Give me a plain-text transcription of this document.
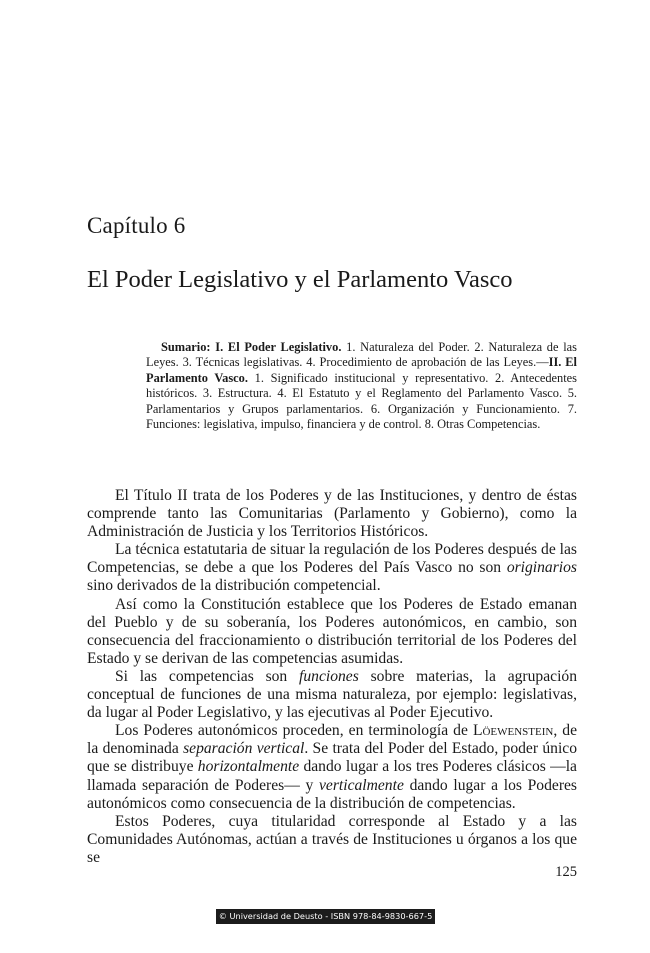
Capítulo 6
El Poder Legislativo y el Parlamento Vasco
Sumario: I. El Poder Legislativo. 1. Naturaleza del Poder. 2. Naturaleza de las Leyes. 3. Técnicas legislativas. 4. Procedimiento de aprobación de las Leyes.—II. El Parlamento Vasco. 1. Significado institucional y representativo. 2. Antecedentes históricos. 3. Estructura. 4. El Estatuto y el Reglamento del Parlamento Vasco. 5. Parlamentarios y Grupos parlamentarios. 6. Organización y Funcionamiento. 7. Funciones: legislativa, impulso, financiera y de control. 8. Otras Competencias.

El Título II trata de los Poderes y de las Instituciones, y dentro de éstas comprende tanto las Comunitarias (Parlamento y Gobierno), como la Administración de Justicia y los Territorios Históricos.

La técnica estatutaria de situar la regulación de los Poderes después de las Competencias, se debe a que los Poderes del País Vasco no son originarios sino derivados de la distribución competencial.

Así como la Constitución establece que los Poderes de Estado emanan del Pueblo y de su soberanía, los Poderes autonómicos, en cambio, son consecuencia del fraccionamiento o distribución territorial de los Poderes del Estado y se derivan de las competencias asumidas.

Si las competencias son funciones sobre materias, la agrupación conceptual de funciones de una misma naturaleza, por ejemplo: legislativas, da lugar al Poder Legislativo, y las ejecutivas al Poder Ejecutivo.

Los Poderes autonómicos proceden, en terminología de Löewenstein, de la denominada separación vertical. Se trata del Poder del Estado, poder único que se distribuye horizontalmente dando lugar a los tres Poderes clásicos —la llamada separación de Poderes— y verticalmente dando lugar a los Poderes autonómicos como consecuencia de la distribución de competencias.

Estos Poderes, cuya titularidad corresponde al Estado y a las Comunidades Autónomas, actúan a través de Instituciones u órganos a los que se

125
© Universidad de Deusto - ISBN 978-84-9830-667-5
